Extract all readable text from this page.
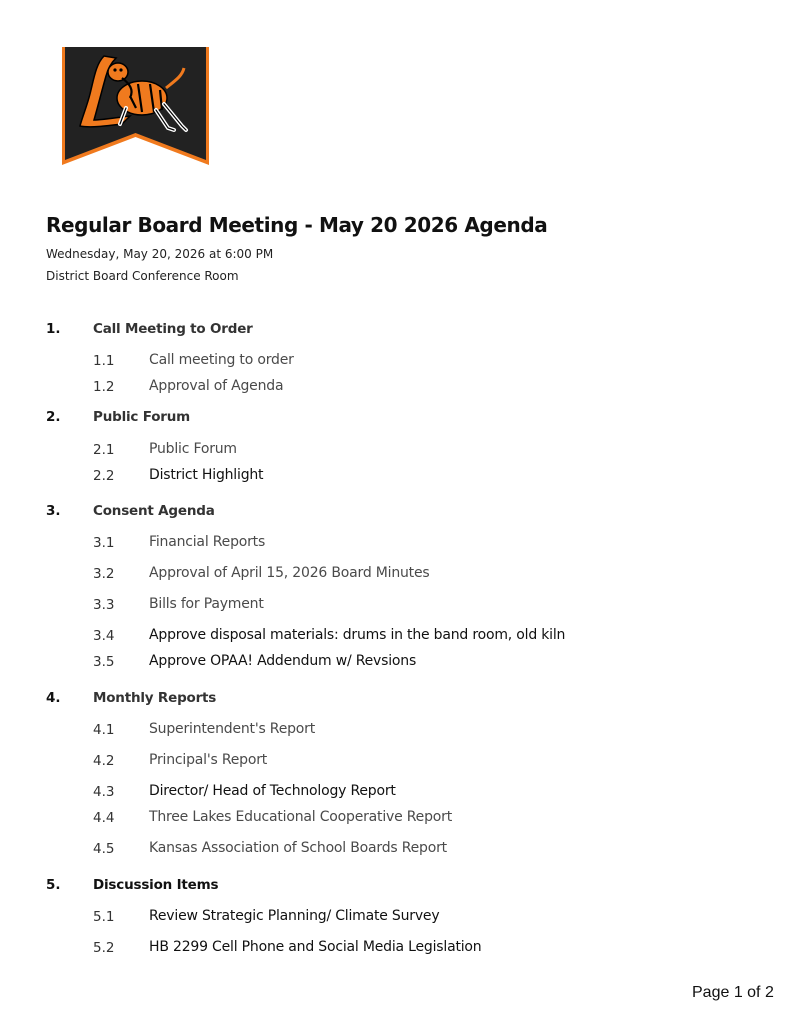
Regular Board Meeting - May 20 2026 Agenda
Wednesday, May 20, 2026 at 6:00 PM
District Board Conference Room
1. Call Meeting to Order
1.1 Call meeting to order
1.2 Approval of Agenda
2. Public Forum
2.1 Public Forum
2.2 District Highlight
3. Consent Agenda
3.1 Financial Reports
3.2 Approval of April 15, 2026 Board Minutes
3.3 Bills for Payment
3.4 Approve disposal materials: drums in the band room, old kiln
3.5 Approve OPAA! Addendum w/ Revsions
4. Monthly Reports
4.1 Superintendent's Report
4.2 Principal's Report
4.3 Director/ Head of Technology Report
4.4 Three Lakes Educational Cooperative Report
4.5 Kansas Association of School Boards Report
5. Discussion Items
5.1 Review Strategic Planning/ Climate Survey
5.2 HB 2299 Cell Phone and Social Media Legislation
Page 1 of 2
